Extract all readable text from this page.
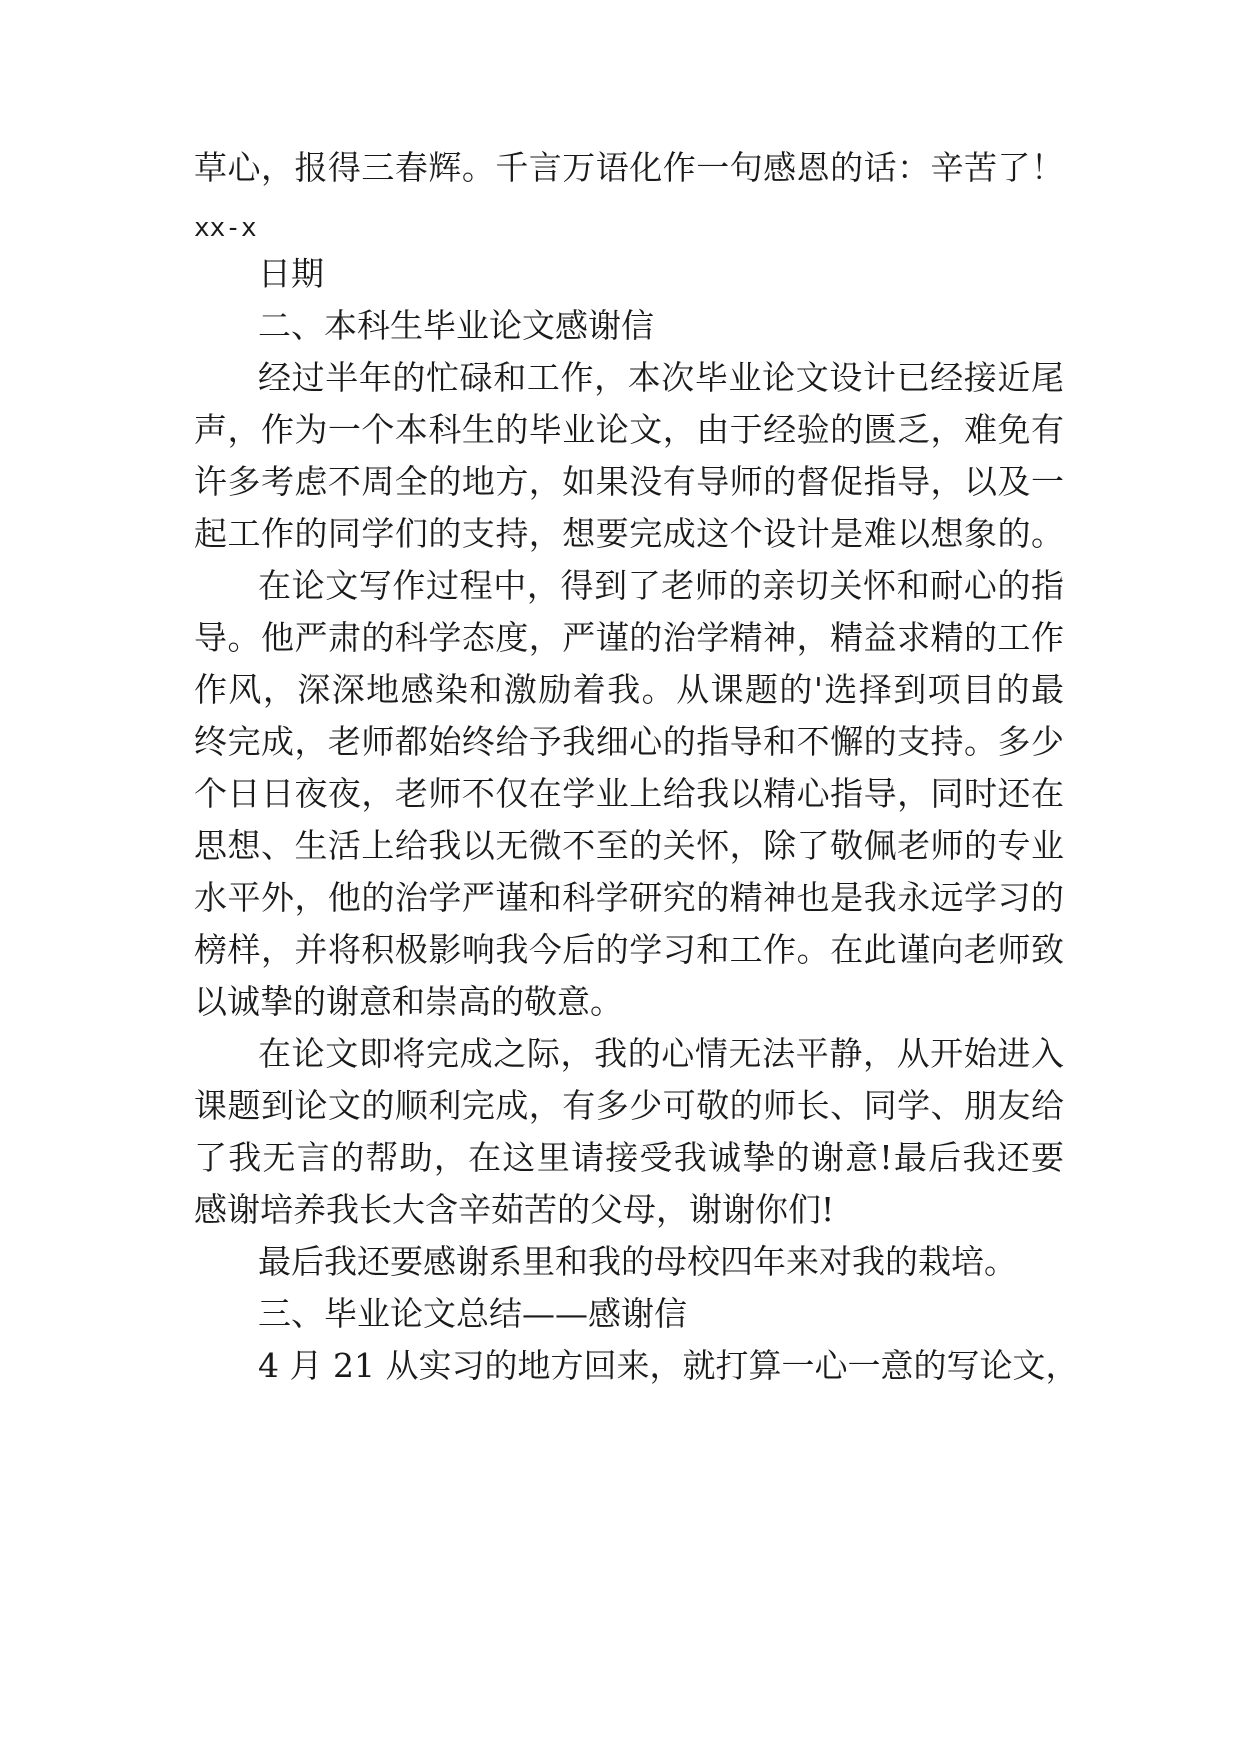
草心，报得三春辉。千言万语化作一句感恩的话：辛苦了！
xx-x
日期
二、本科生毕业论文感谢信
经过半年的忙碌和工作，本次毕业论文设计已经接近尾
声，作为一个本科生的毕业论文，由于经验的匮乏，难免有
许多考虑不周全的地方，如果没有导师的督促指导，以及一
起工作的同学们的支持，想要完成这个设计是难以想象的。
在论文写作过程中，得到了老师的亲切关怀和耐心的指
导。他严肃的科学态度，严谨的治学精神，精益求精的工作
作风，深深地感染和激励着我。从课题的'选择到项目的最
终完成，老师都始终给予我细心的指导和不懈的支持。多少
个日日夜夜，老师不仅在学业上给我以精心指导，同时还在
思想、生活上给我以无微不至的关怀，除了敬佩老师的专业
水平外，他的治学严谨和科学研究的精神也是我永远学习的
榜样，并将积极影响我今后的学习和工作。在此谨向老师致
以诚挚的谢意和崇高的敬意。
在论文即将完成之际，我的心情无法平静，从开始进入
课题到论文的顺利完成，有多少可敬的师长、同学、朋友给
了我无言的帮助，在这里请接受我诚挚的谢意!最后我还要
感谢培养我长大含辛茹苦的父母，谢谢你们!
最后我还要感谢系里和我的母校四年来对我的栽培。
三、毕业论文总结——感谢信
4 月 21 从实习的地方回来，就打算一心一意的写论文，
